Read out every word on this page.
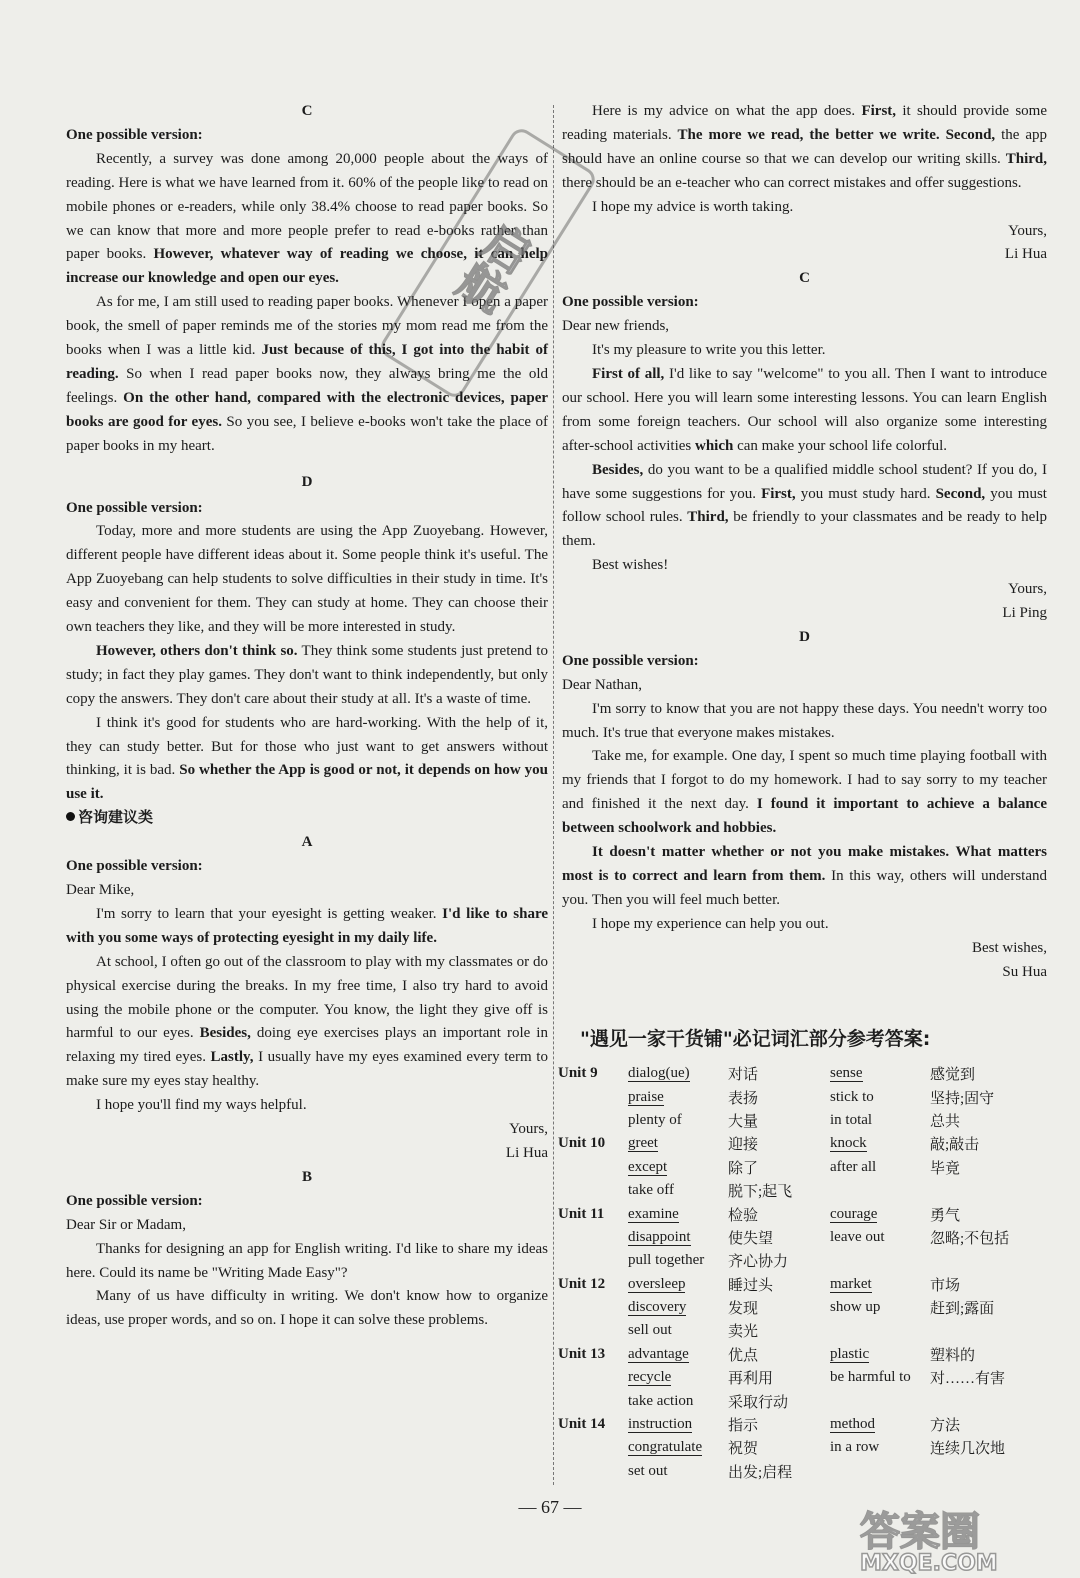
C

One possible version:

Recently, a survey was done among 20,000 people about the ways of reading. Here is what we have learned from it. 60% of the people like to read on mobile phones or e-readers, while only 38.4% choose to read paper books. So we can know that more and more people prefer to read e-books rather than paper books. However, whatever way of reading we choose, it can help increase our knowledge and open our eyes.

As for me, I am still used to reading paper books. Whenever I open a paper book, the smell of paper reminds me of the stories my mom read me from the books when I was a little kid. Just because of this, I got into the habit of reading. So when I read paper books now, they always bring me the old feelings. On the other hand, compared with the electronic devices, paper books are good for eyes. So you see, I believe e-books won't take the place of paper books in my heart.

D

One possible version:

Today, more and more students are using the App Zuoyebang. However, different people have different ideas about it. Some people think it's useful. The App Zuoyebang can help students to solve difficulties in their study in time. It's easy and convenient for them. They can study at home. They can choose their own teachers they like, and they will be more interested in study.

However, others don't think so. They think some students just pretend to study; in fact they play games. They don't want to think independently, but only copy the answers. They don't care about their study at all. It's a waste of time.

I think it's good for students who are hard-working. With the help of it, they can study better. But for those who just want to get answers without thinking, it is bad. So whether the App is good or not, it depends on how you use it.

咨询建议类

A

One possible version:

Dear Mike,

I'm sorry to learn that your eyesight is getting weaker. I'd like to share with you some ways of protecting eyesight in my daily life.

At school, I often go out of the classroom to play with my classmates or do physical exercise during the breaks. In my free time, I also try hard to avoid using the mobile phone or the computer. You know, the light they give off is harmful to our eyes. Besides, doing eye exercises plays an important role in relaxing my tired eyes. Lastly, I usually have my eyes examined every term to make sure my eyes stay healthy.

I hope you'll find my ways helpful.

Yours,

Li Hua

B

One possible version:

Dear Sir or Madam,

Thanks for designing an app for English writing. I'd like to share my ideas here. Could its name be "Writing Made Easy"?

Many of us have difficulty in writing. We don't know how to organize ideas, use proper words, and so on. I hope it can solve these problems.

Here is my advice on what the app does. First, it should provide some reading materials. The more we read, the better we write. Second, the app should have an online course so that we can develop our writing skills. Third, there should be an e-teacher who can correct mistakes and offer suggestions.

I hope my advice is worth taking.

Yours,

Li Hua

C

One possible version:

Dear new friends,

It's my pleasure to write you this letter.

First of all, I'd like to say "welcome" to you all. Then I want to introduce our school. Here you will learn some interesting lessons. You can learn English from some foreign teachers. Our school will also organize some interesting after-school activities which can make your school life colorful.

Besides, do you want to be a qualified middle school student? If you do, I have some suggestions for you. First, you must study hard. Second, you must follow school rules. Third, be friendly to your classmates and be ready to help them.

Best wishes!

Yours,

Li Ping

D

One possible version:

Dear Nathan,

I'm sorry to know that you are not happy these days. You needn't worry too much. It's true that everyone makes mistakes.

Take me, for example. One day, I spent so much time playing football with my friends that I forgot to do my homework. I had to say sorry to my teacher and finished it the next day. I found it important to achieve a balance between schoolwork and hobbies.

It doesn't matter whether or not you make mistakes. What matters most is to correct and learn from them. In this way, others will understand you. Then you will feel much better.

I hope my experience can help you out.

Best wishes,

Su Hua

"遇见一家干货铺"必记词汇部分参考答案:
Unit 9	dialog(ue)	对话	sense	感觉到
	praise	表扬	stick to	坚持;固守
	plenty of	大量	in total	总共
Unit 10	greet	迎接	knock	敲;敲击
	except	除了	after all	毕竟
	take off	脱下;起飞		
Unit 11	examine	检验	courage	勇气
	disappoint	使失望	leave out	忽略;不包括
	pull together	齐心协力		
Unit 12	oversleep	睡过头	market	市场
	discovery	发现	show up	赶到;露面
	sell out	卖光		
Unit 13	advantage	优点	plastic	塑料的
	recycle	再利用	be harmful to	对……有害
	take action	采取行动		
Unit 14	instruction	指示	method	方法
	congratulate	祝贺	in a row	连续几次地
	set out	出发;启程		
— 67 —
启航
答案圈
MXQE.COM
